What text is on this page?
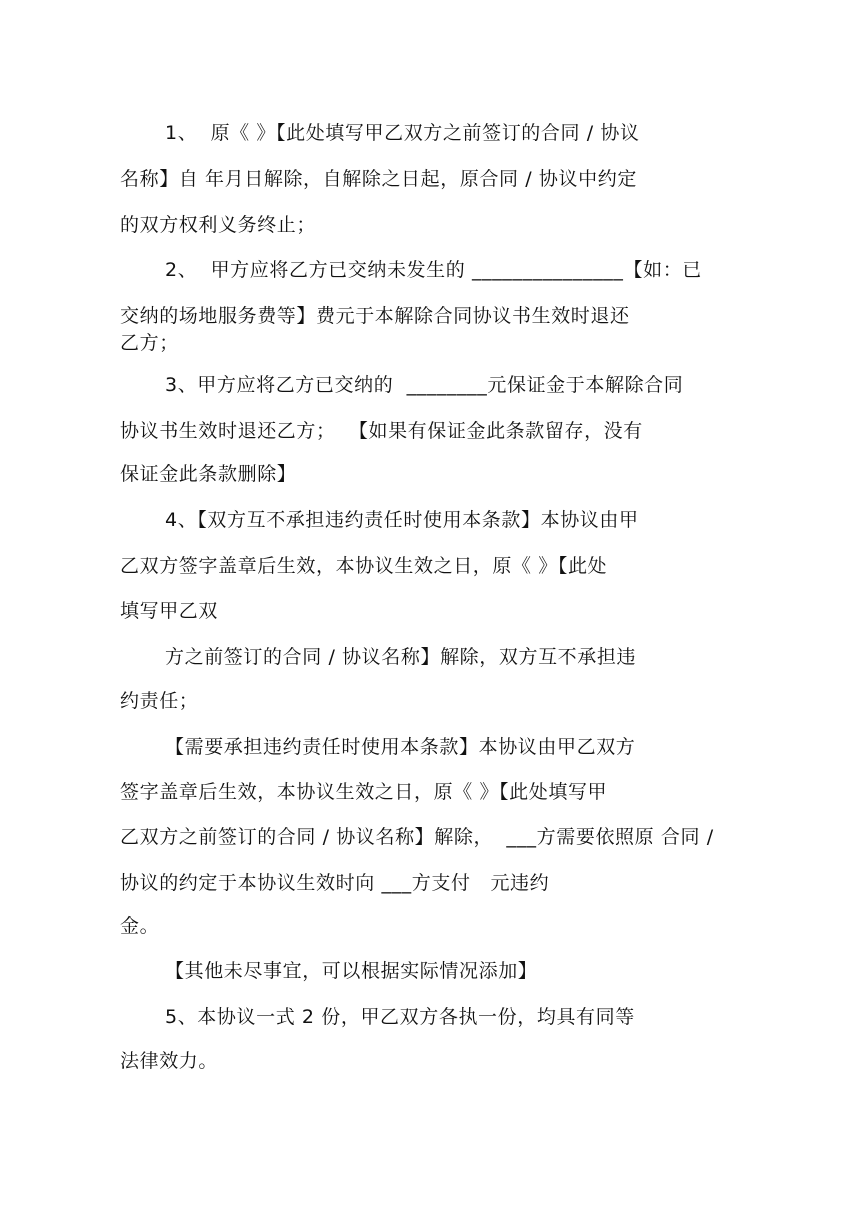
1、  原《 》【此处填写甲乙双方之前签订的合同 / 协议
名称】自 年月日解除，自解除之日起，原合同 / 协议中约定
的双方权利义务终止；
2、  甲方应将乙方已交纳未发生的 _______________【如：已
交纳的场地服务费等】费元于本解除合同协议书生效时退还
乙方；
3、甲方应将乙方已交纳的  ________元保证金于本解除合同
协议书生效时退还乙方；  【如果有保证金此条款留存，没有
保证金此条款删除】
4、【双方互不承担违约责任时使用本条款】本协议由甲
乙双方签字盖章后生效，本协议生效之日，原《 》【此处
填写甲乙双
方之前签订的合同 / 协议名称】解除，双方互不承担违
约责任；
【需要承担违约责任时使用本条款】本协议由甲乙双方
签字盖章后生效，本协议生效之日，原《 》【此处填写甲
乙双方之前签订的合同 / 协议名称】解除，  ___方需要依照原 合同 /
协议的约定于本协议生效时向 ___方支付   元违约
金。
【其他未尽事宜，可以根据实际情况添加】
5、本协议一式 2 份，甲乙双方各执一份，均具有同等
法律效力。
